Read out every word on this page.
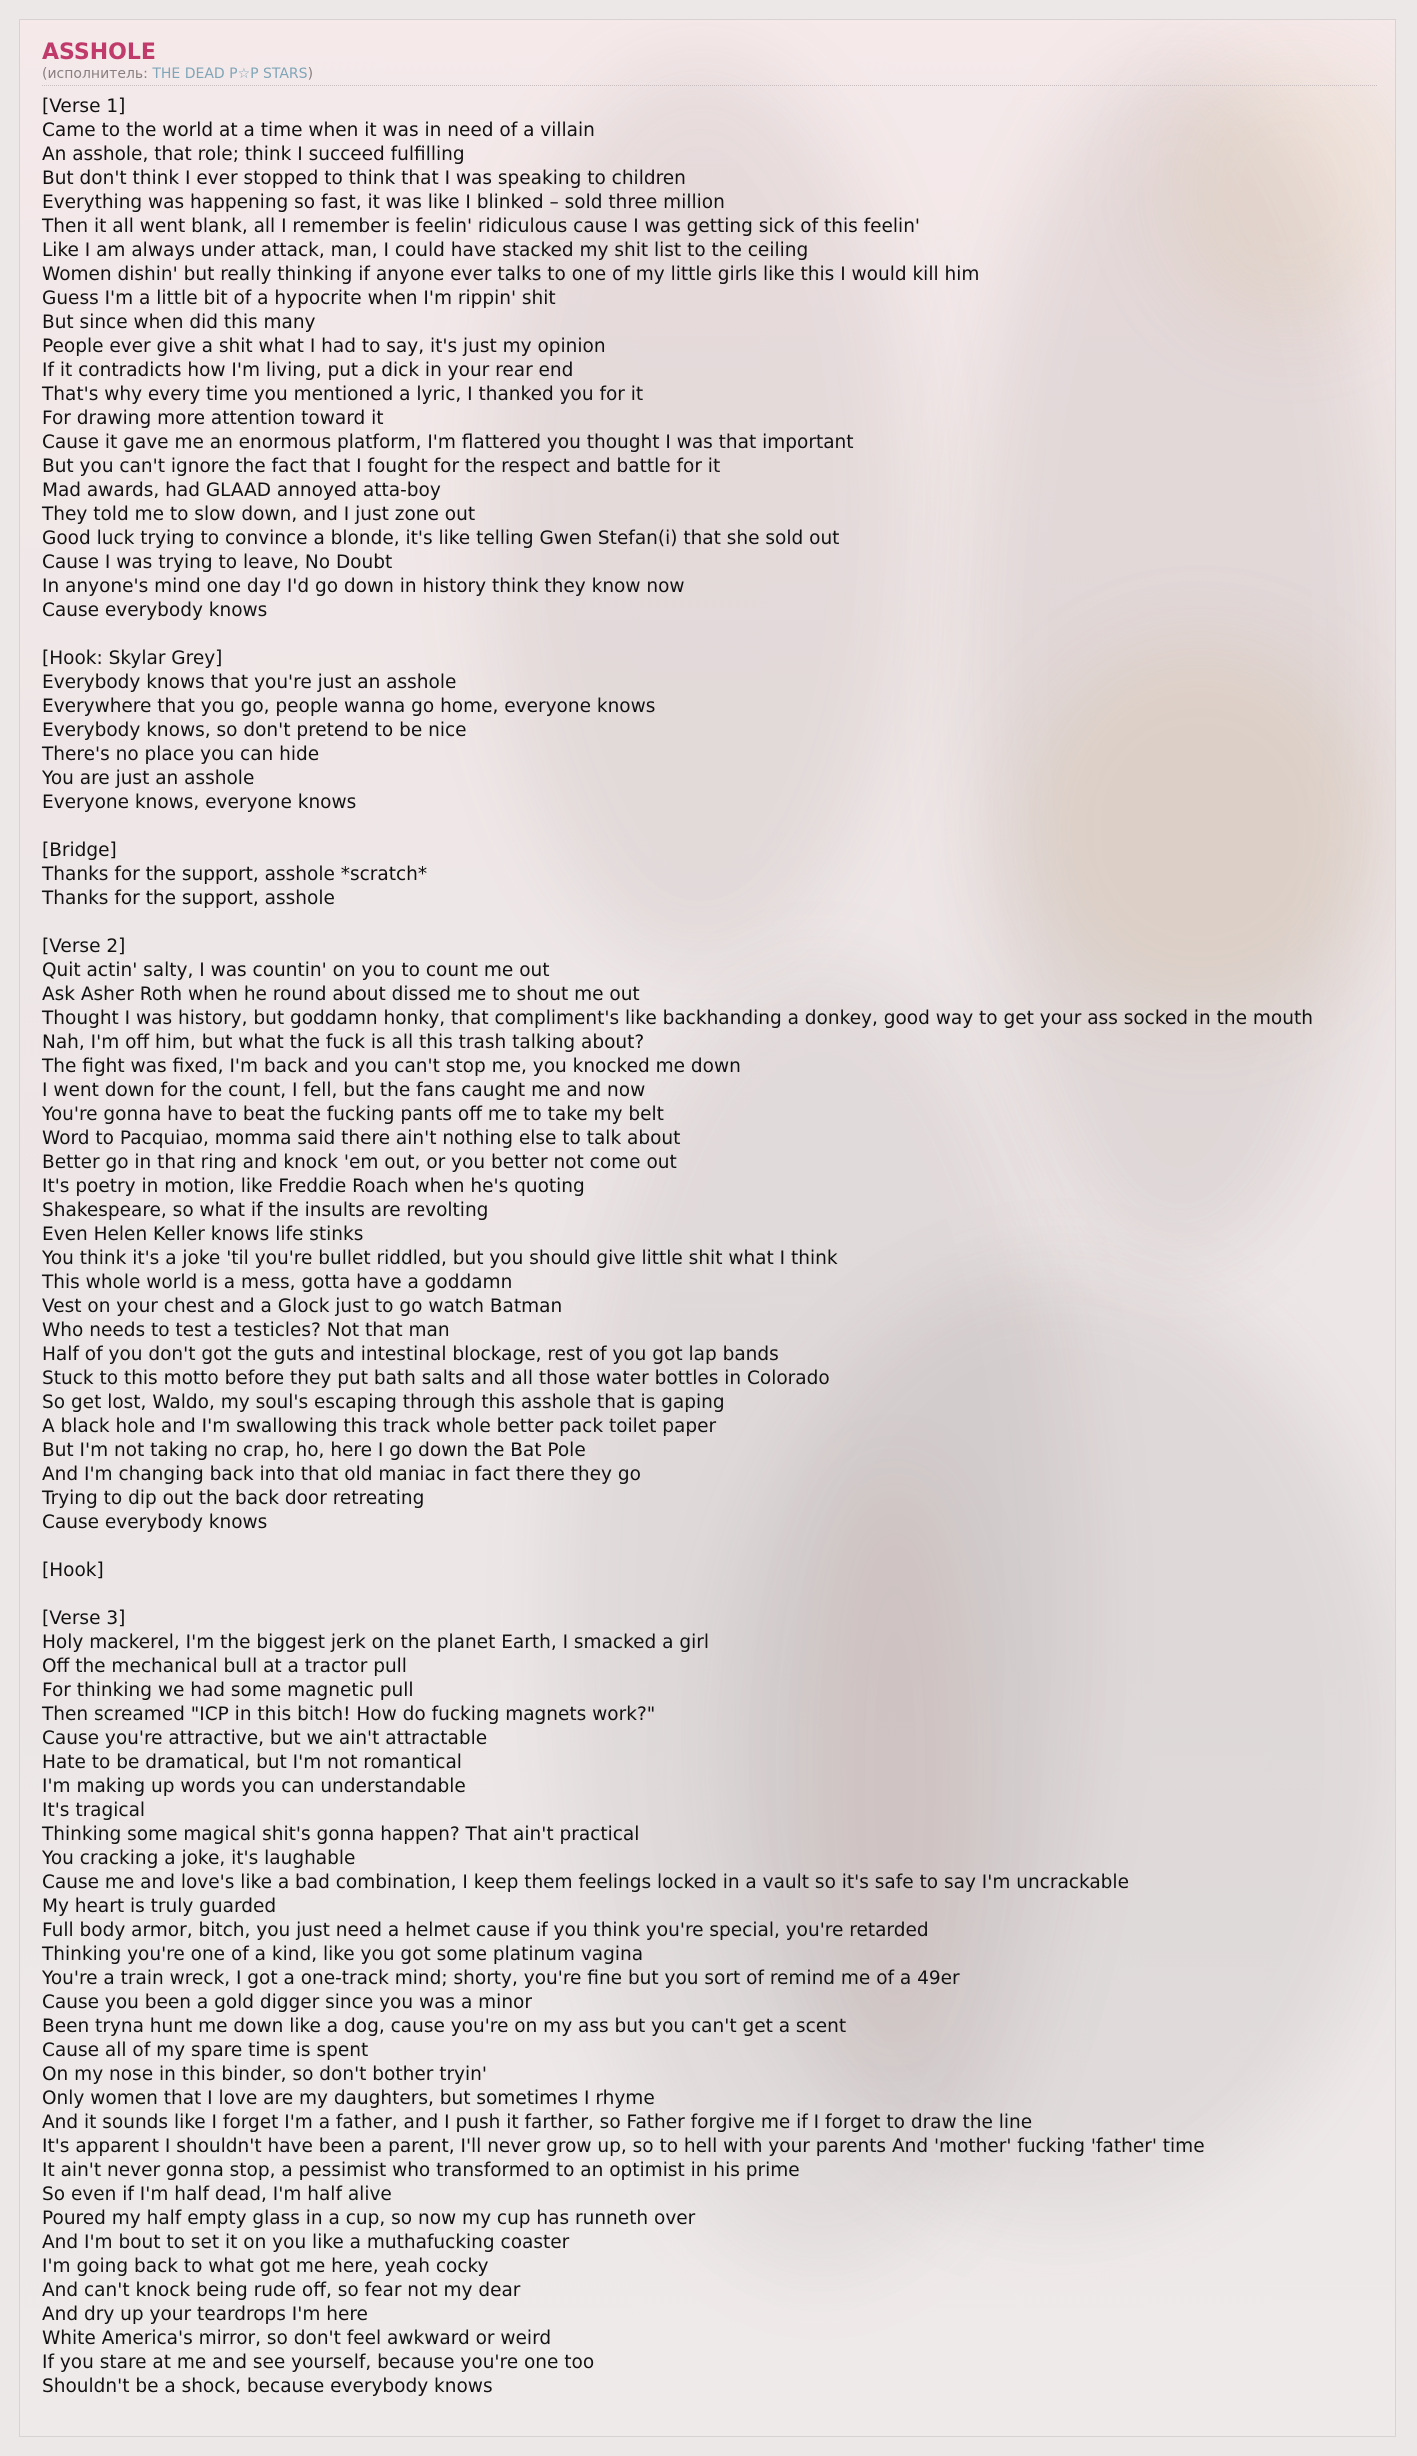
ASSHOLE
(исполнитель: THE DEAD P☆P STARS)
[Verse 1]
Came to the world at a time when it was in need of a villain
An asshole, that role; think I succeed fulfilling
But don't think I ever stopped to think that I was speaking to children
Everything was happening so fast, it was like I blinked – sold three million
Then it all went blank, all I remember is feelin' ridiculous cause I was getting sick of this feelin'
Like I am always under attack, man, I could have stacked my shit list to the ceiling
Women dishin' but really thinking if anyone ever talks to one of my little girls like this I would kill him
Guess I'm a little bit of a hypocrite when I'm rippin' shit
But since when did this many
People ever give a shit what I had to say, it's just my opinion
If it contradicts how I'm living, put a dick in your rear end
That's why every time you mentioned a lyric, I thanked you for it
For drawing more attention toward it
Cause it gave me an enormous platform, I'm flattered you thought I was that important
But you can't ignore the fact that I fought for the respect and battle for it
Mad awards, had GLAAD annoyed atta-boy
They told me to slow down, and I just zone out
Good luck trying to convince a blonde, it's like telling Gwen Stefan(i) that she sold out
Cause I was trying to leave, No Doubt
In anyone's mind one day I'd go down in history think they know now
Cause everybody knows

[Hook: Skylar Grey]
Everybody knows that you're just an asshole
Everywhere that you go, people wanna go home, everyone knows
Everybody knows, so don't pretend to be nice
There's no place you can hide
You are just an asshole
Everyone knows, everyone knows

[Bridge]
Thanks for the support, asshole *scratch*
Thanks for the support, asshole

[Verse 2]
Quit actin' salty, I was countin' on you to count me out
Ask Asher Roth when he round about dissed me to shout me out
Thought I was history, but goddamn honky, that compliment's like backhanding a donkey, good way to get your ass socked in the mouth
Nah, I'm off him, but what the fuck is all this trash talking about?
The fight was fixed, I'm back and you can't stop me, you knocked me down
I went down for the count, I fell, but the fans caught me and now
You're gonna have to beat the fucking pants off me to take my belt
Word to Pacquiao, momma said there ain't nothing else to talk about
Better go in that ring and knock 'em out, or you better not come out
It's poetry in motion, like Freddie Roach when he's quoting
Shakespeare, so what if the insults are revolting
Even Helen Keller knows life stinks
You think it's a joke 'til you're bullet riddled, but you should give little shit what I think
This whole world is a mess, gotta have a goddamn
Vest on your chest and a Glock just to go watch Batman
Who needs to test a testicles? Not that man
Half of you don't got the guts and intestinal blockage, rest of you got lap bands
Stuck to this motto before they put bath salts and all those water bottles in Colorado
So get lost, Waldo, my soul's escaping through this asshole that is gaping
A black hole and I'm swallowing this track whole better pack toilet paper
But I'm not taking no crap, ho, here I go down the Bat Pole
And I'm changing back into that old maniac in fact there they go
Trying to dip out the back door retreating
Cause everybody knows

[Hook]

[Verse 3]
Holy mackerel, I'm the biggest jerk on the planet Earth, I smacked a girl
Off the mechanical bull at a tractor pull
For thinking we had some magnetic pull
Then screamed "ICP in this bitch! How do fucking magnets work?"
Cause you're attractive, but we ain't attractable
Hate to be dramatical, but I'm not romantical
I'm making up words you can understandable
It's tragical
Thinking some magical shit's gonna happen? That ain't practical
You cracking a joke, it's laughable
Cause me and love's like a bad combination, I keep them feelings locked in a vault so it's safe to say I'm uncrackable
My heart is truly guarded
Full body armor, bitch, you just need a helmet cause if you think you're special, you're retarded
Thinking you're one of a kind, like you got some platinum vagina
You're a train wreck, I got a one-track mind; shorty, you're fine but you sort of remind me of a 49er
Cause you been a gold digger since you was a minor
Been tryna hunt me down like a dog, cause you're on my ass but you can't get a scent
Cause all of my spare time is spent
On my nose in this binder, so don't bother tryin'
Only women that I love are my daughters, but sometimes I rhyme
And it sounds like I forget I'm a father, and I push it farther, so Father forgive me if I forget to draw the line
It's apparent I shouldn't have been a parent, I'll never grow up, so to hell with your parents And 'mother' fucking 'father' time
It ain't never gonna stop, a pessimist who transformed to an optimist in his prime
So even if I'm half dead, I'm half alive
Poured my half empty glass in a cup, so now my cup has runneth over
And I'm bout to set it on you like a muthafucking coaster
I'm going back to what got me here, yeah cocky
And can't knock being rude off, so fear not my dear
And dry up your teardrops I'm here
White America's mirror, so don't feel awkward or weird
If you stare at me and see yourself, because you're one too
Shouldn't be a shock, because everybody knows
